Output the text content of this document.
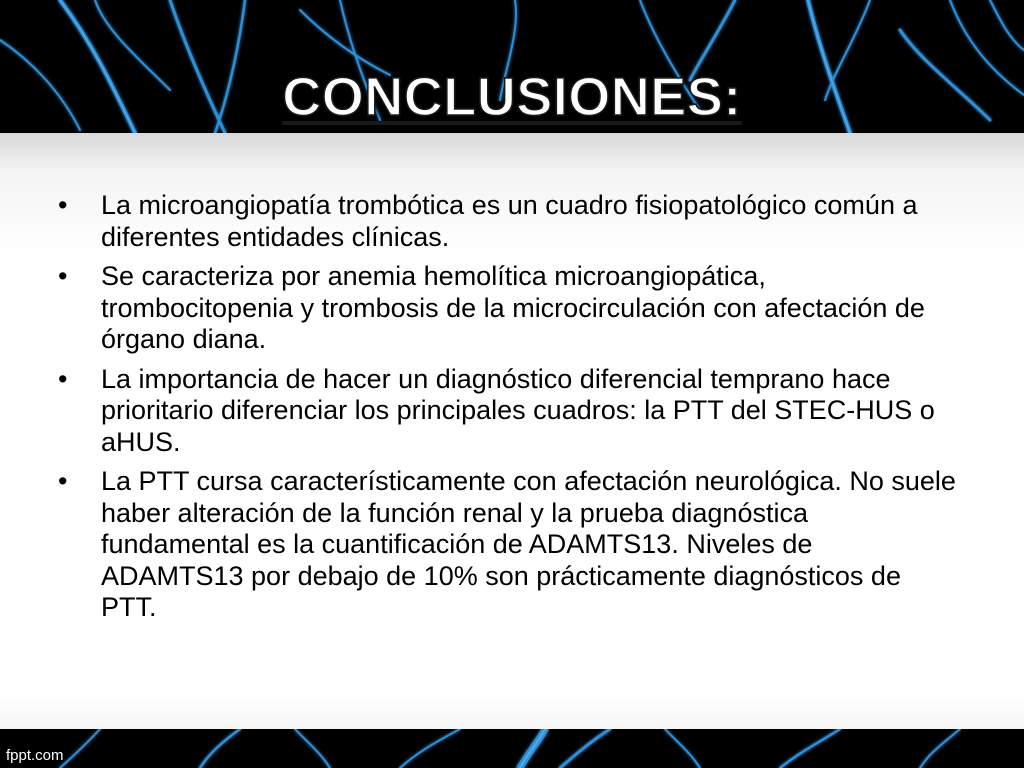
CONCLUSIONES:
• La microangiopatía trombótica es un cuadro fisiopatológico común a diferentes entidades clínicas.
• Se caracteriza por anemia hemolítica microangiopática, trombocitopenia y trombosis de la microcirculación con afectación de órgano diana.
• La importancia de hacer un diagnóstico diferencial temprano hace prioritario diferenciar los principales cuadros: la PTT del STEC-HUS o aHUS.
• La PTT cursa característicamente con afectación neurológica. No suele haber alteración de la función renal y la prueba diagnóstica fundamental es la cuantificación de ADAMTS13. Niveles de ADAMTS13 por debajo de 10% son prácticamente diagnósticos de PTT.
fppt.com
